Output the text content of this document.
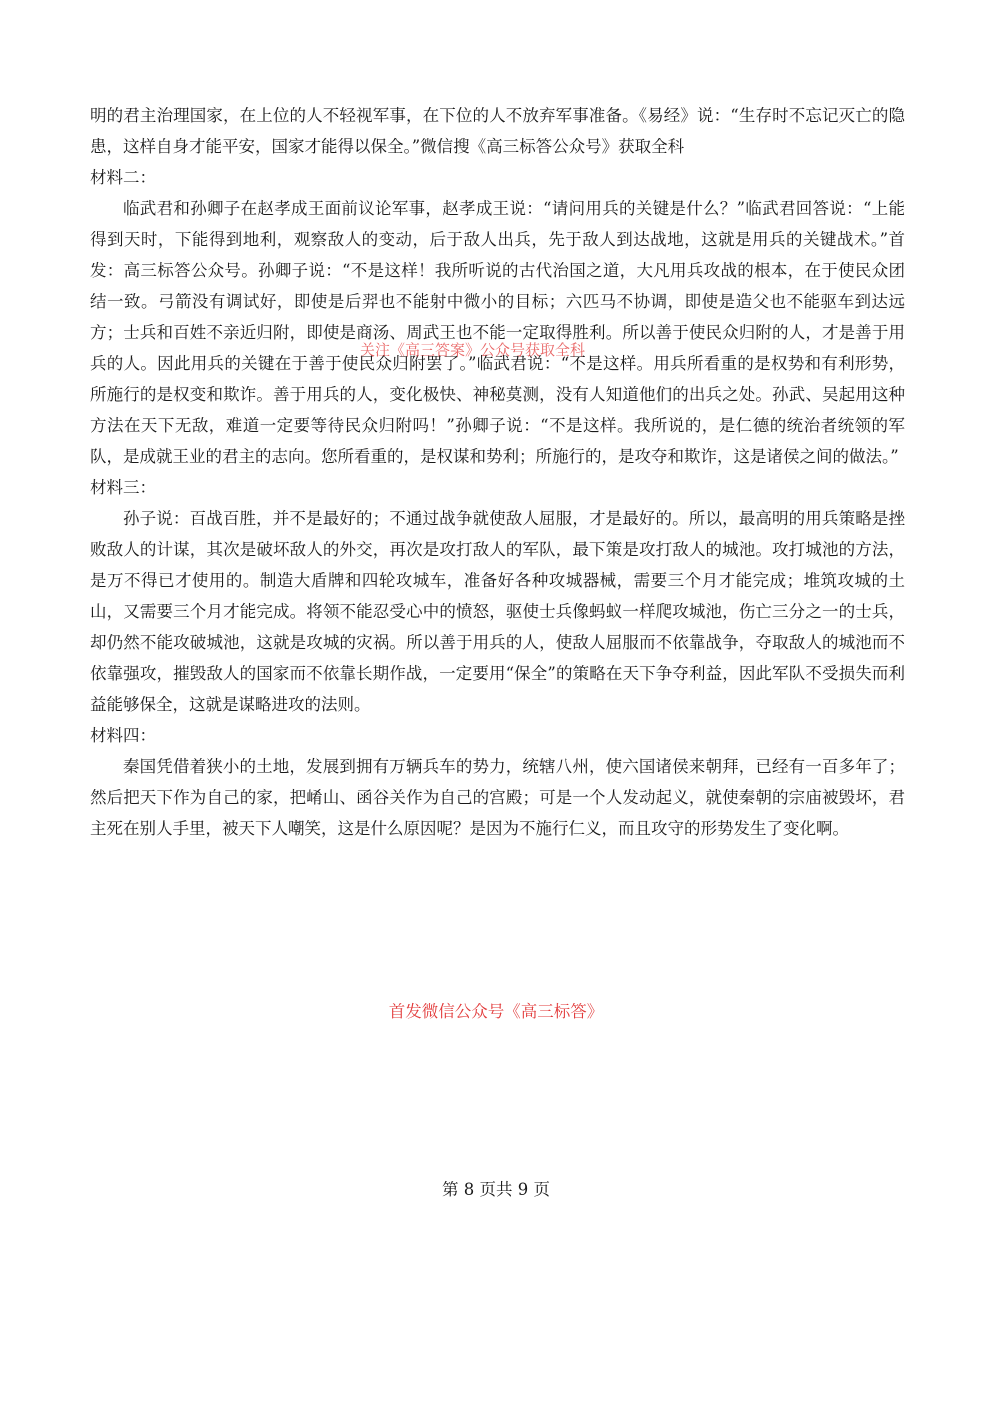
明的君主治理国家，在上位的人不轻视军事，在下位的人不放弃军事准备。《易经》说：“生存时不忘记灭亡的隐患，这样自身才能平安，国家才能得以保全。”微信搜《高三标答公众号》获取全科

材料二：

临武君和孙卿子在赵孝成王面前议论军事，赵孝成王说：“请问用兵的关键是什么？”临武君回答说：“上能得到天时，下能得到地利，观察敌人的变动，后于敌人出兵，先于敌人到达战地，这就是用兵的关键战术。”首发：高三标答公众号。孙卿子说：“不是这样！我所听说的古代治国之道，大凡用兵攻战的根本，在于使民众团结一致。弓箭没有调试好，即使是后羿也不能射中微小的目标；六匹马不协调，即使是造父也不能驱车到达远方；士兵和百姓不亲近归附，即使是商汤、周武王也不能一定取得胜利。所以善于使民众归附的人，才是善于用兵的人。因此用兵的关键在于善于使民众归附罢了。”临武君说：“不是这样。用兵所看重的是权势和有利形势，所施行的是权变和欺诈。善于用兵的人，变化极快、神秘莫测，没有人知道他们的出兵之处。孙武、吴起用这种方法在天下无敌，难道一定要等待民众归附吗！”孙卿子说：“不是这样。我所说的，是仁德的统治者统领的军队，是成就王业的君主的志向。您所看重的，是权谋和势利；所施行的，是攻夺和欺诈，这是诸侯之间的做法。”

材料三：

孙子说：百战百胜，并不是最好的；不通过战争就使敌人屈服，才是最好的。所以，最高明的用兵策略是挫败敌人的计谋，其次是破坏敌人的外交，再次是攻打敌人的军队，最下策是攻打敌人的城池。攻打城池的方法，是万不得已才使用的。制造大盾牌和四轮攻城车，准备好各种攻城器械，需要三个月才能完成；堆筑攻城的土山，又需要三个月才能完成。将领不能忍受心中的愤怒，驱使士兵像蚂蚁一样爬攻城池，伤亡三分之一的士兵，却仍然不能攻破城池，这就是攻城的灾祸。所以善于用兵的人，使敌人屈服而不依靠战争，夺取敌人的城池而不依靠强攻，摧毁敌人的国家而不依靠长期作战，一定要用“保全”的策略在天下争夺利益，因此军队不受损失而利益能够保全，这就是谋略进攻的法则。

材料四：

秦国凭借着狭小的土地，发展到拥有万辆兵车的势力，统辖八州，使六国诸侯来朝拜，已经有一百多年了；然后把天下作为自己的家，把崤山、函谷关作为自己的宫殿；可是一个人发动起义，就使秦朝的宗庙被毁坏，君主死在别人手里，被天下人嘲笑，这是什么原因呢？是因为不施行仁义，而且攻守的形势发生了变化啊。

关注《高三答案》公众号获取全科
首发微信公众号《高三标答》
第 8 页共 9 页
